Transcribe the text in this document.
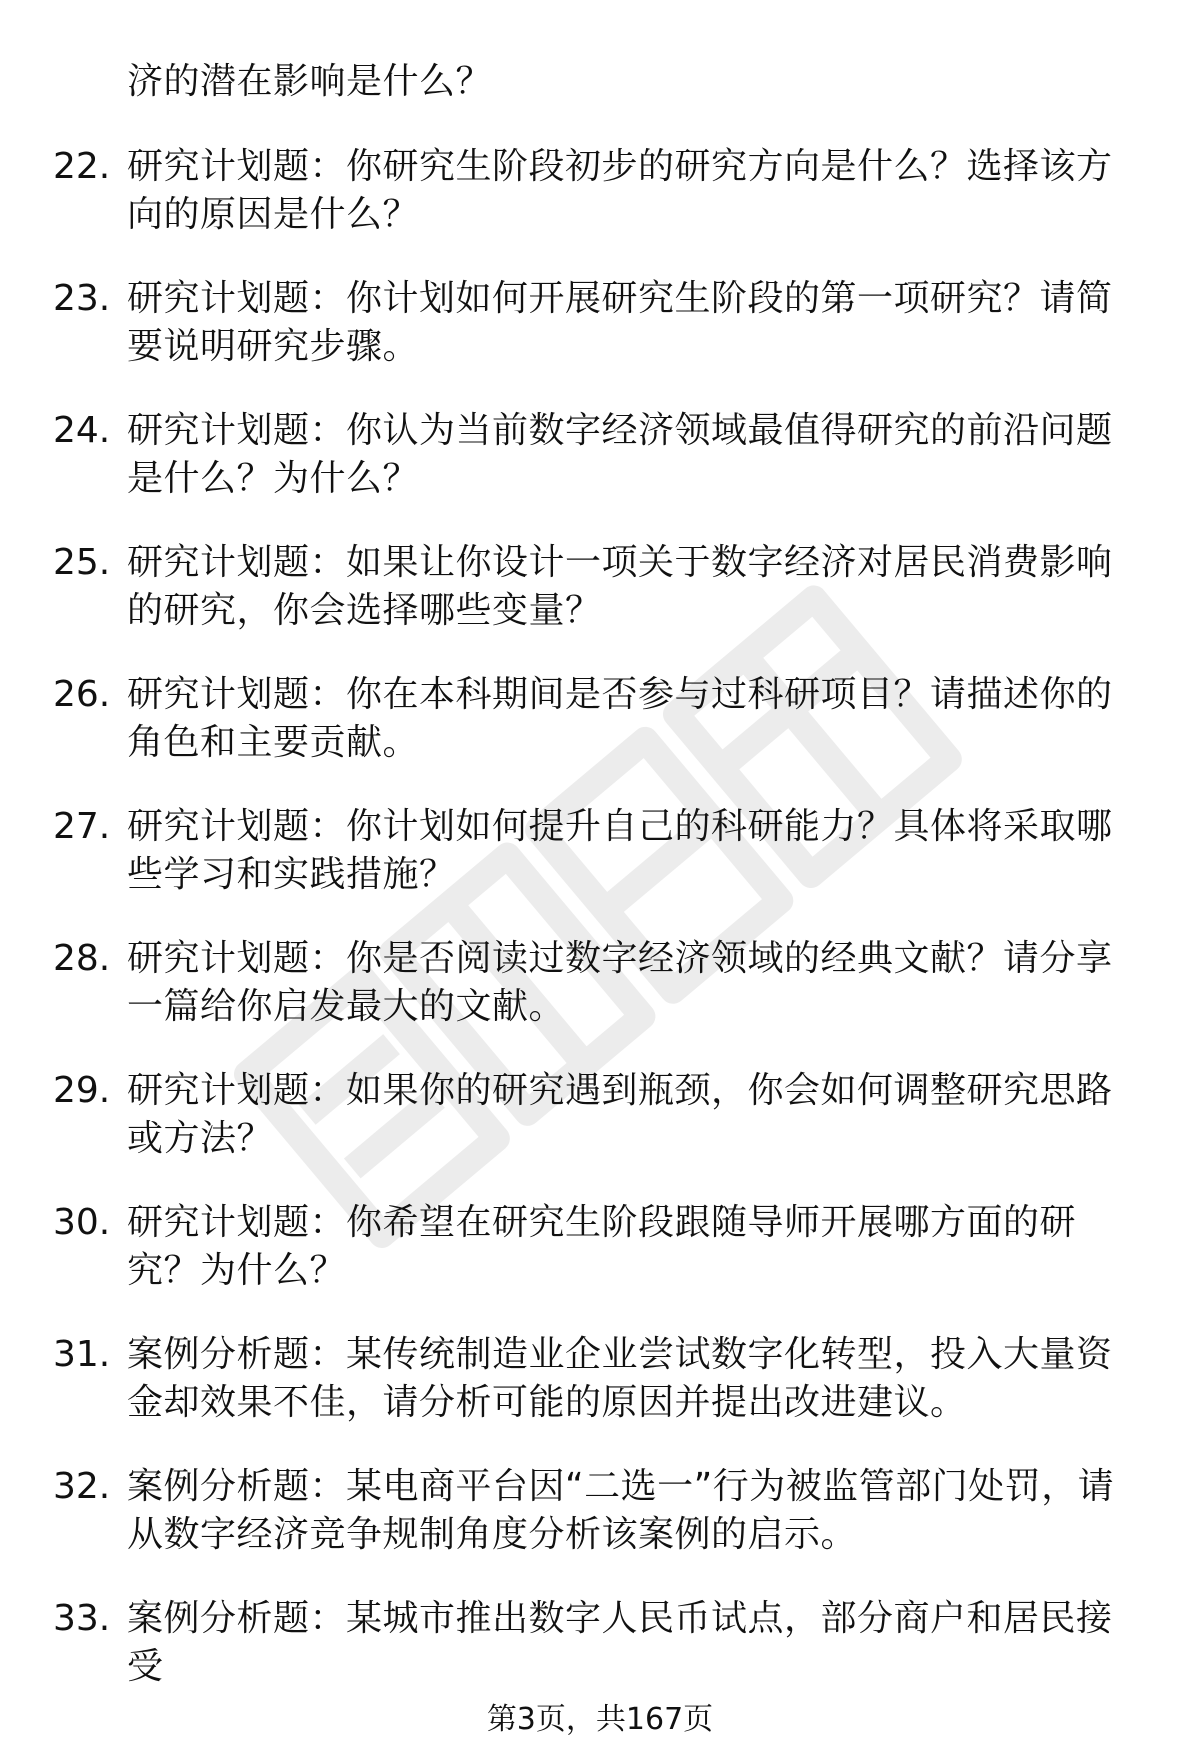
济的潜在影响是什么？
22. 研究计划题：你研究生阶段初步的研究方向是什么？选择该方向的原因是什么？
23. 研究计划题：你计划如何开展研究生阶段的第一项研究？请简要说明研究步骤。
24. 研究计划题：你认为当前数字经济领域最值得研究的前沿问题是什么？为什么？
25. 研究计划题：如果让你设计一项关于数字经济对居民消费影响的研究，你会选择哪些变量？
26. 研究计划题：你在本科期间是否参与过科研项目？请描述你的角色和主要贡献。
27. 研究计划题：你计划如何提升自己的科研能力？具体将采取哪些学习和实践措施？
28. 研究计划题：你是否阅读过数字经济领域的经典文献？请分享一篇给你启发最大的文献。
29. 研究计划题：如果你的研究遇到瓶颈，你会如何调整研究思路或方法？
30. 研究计划题：你希望在研究生阶段跟随导师开展哪方面的研究？为什么？
31. 案例分析题：某传统制造业企业尝试数字化转型，投入大量资金却效果不佳，请分析可能的原因并提出改进建议。
32. 案例分析题：某电商平台因“二选一”行为被监管部门处罚，请从数字经济竞争规制角度分析该案例的启示。
33. 案例分析题：某城市推出数字人民币试点，部分商户和居民接受
第3页，共167页
